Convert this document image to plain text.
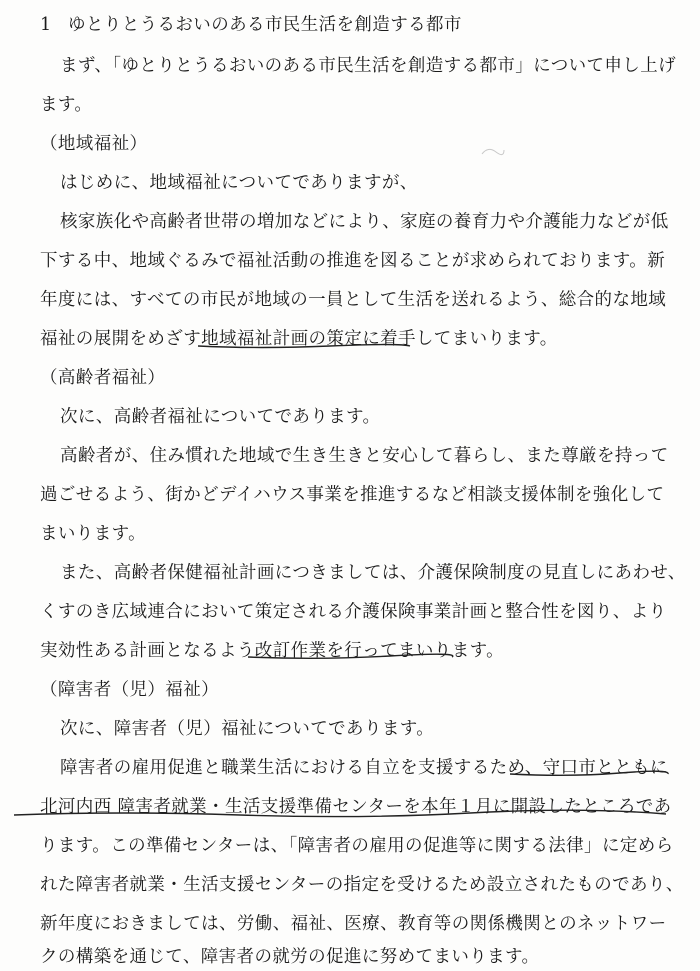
1 ゆとりとうるおいのある市民生活を創造する都市
まず、「ゆとりとうるおいのある市民生活を創造する都市」について申し上げ
ます。
（地域福祉）
はじめに、地域福祉についてでありますが、
核家族化や高齢者世帯の増加などにより、家庭の養育力や介護能力などが低
下する中、地域ぐるみで福祉活動の推進を図ることが求められております。新
年度には、すべての市民が地域の一員として生活を送れるよう、総合的な地域
福祉の展開をめざす地域福祉計画の策定に着手してまいります。
（高齢者福祉）
次に、高齢者福祉についてであります。
高齢者が、住み慣れた地域で生き生きと安心して暮らし、また尊厳を持って
過ごせるよう、街かどデイハウス事業を推進するなど相談支援体制を強化して
まいります。
また、高齢者保健福祉計画につきましては、介護保険制度の見直しにあわせ、
くすのき広域連合において策定される介護保険事業計画と整合性を図り、より
実効性ある計画となるよう改訂作業を行ってまいります。
（障害者（児）福祉）
次に、障害者（児）福祉についてであります。
障害者の雇用促進と職業生活における自立を支援するため、守口市とともに
北河内西 障害者就業・生活支援準備センターを本年１月に開設したところであ
ります。この準備センターは、「障害者の雇用の促進等に関する法律」に定めら
れた障害者就業・生活支援センターの指定を受けるため設立されたものであり、
新年度におきましては、労働、福祉、医療、教育等の関係機関とのネットワー
クの構築を通じて、障害者の就労の促進に努めてまいります。
